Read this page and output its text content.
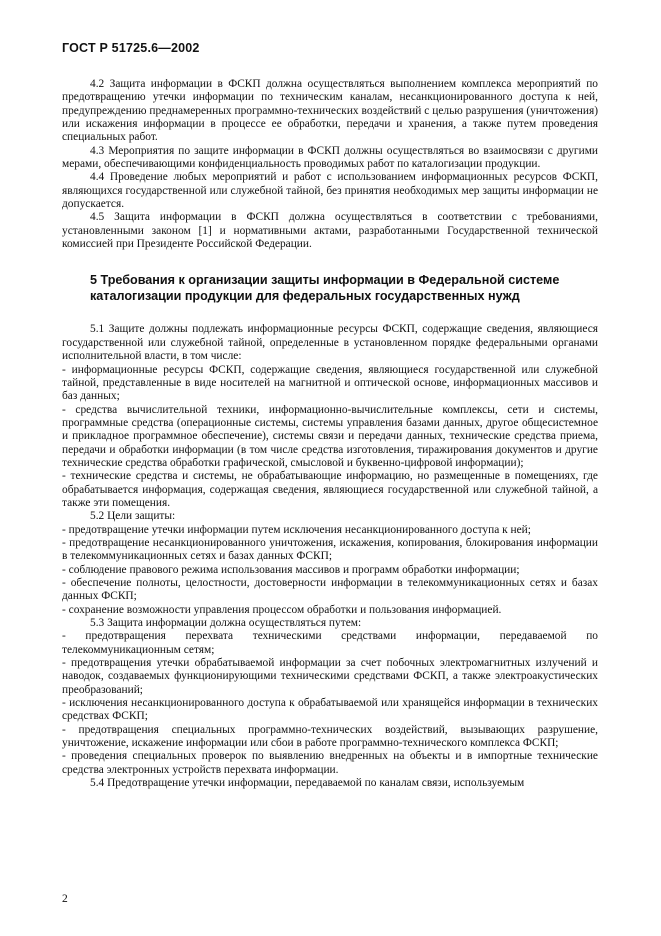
ГОСТ Р 51725.6—2002

4.2 Защита информации в ФСКП должна осуществляться выполнением комплекса мероприятий по предотвращению утечки информации по техническим каналам, несанкционированного доступа к ней, предупреждению преднамеренных программно-технических воздействий с целью разрушения (уничтожения) или искажения информации в процессе ее обработки, передачи и хранения, а также путем проведения специальных работ.

4.3 Мероприятия по защите информации в ФСКП должны осуществляться во взаимосвязи с другими мерами, обеспечивающими конфиденциальность проводимых работ по каталогизации продукции.

4.4 Проведение любых мероприятий и работ с использованием информационных ресурсов ФСКП, являющихся государственной или служебной тайной, без принятия необходимых мер защиты информации не допускается.

4.5 Защита информации в ФСКП должна осуществляться в соответствии с требованиями, установленными законом [1] и нормативными актами, разработанными Государственной технической комиссией при Президенте Российской Федерации.

5 Требования к организации защиты информации в Федеральной системе каталогизации продукции для федеральных государственных нужд

5.1 Защите должны подлежать информационные ресурсы ФСКП, содержащие сведения, являющиеся государственной или служебной тайной, определенные в установленном порядке федеральными органами исполнительной власти, в том числе:

- информационные ресурсы ФСКП, содержащие сведения, являющиеся государственной или служебной тайной, представленные в виде носителей на магнитной и оптической основе, информационных массивов и баз данных;

- средства вычислительной техники, информационно-вычислительные комплексы, сети и системы, программные средства (операционные системы, системы управления базами данных, другое общесистемное и прикладное программное обеспечение), системы связи и передачи данных, технические средства приема, передачи и обработки информации (в том числе средства изготовления, тиражирования документов и другие технические средства обработки графической, смысловой и буквенно-цифровой информации);

- технические средства и системы, не обрабатывающие информацию, но размещенные в помещениях, где обрабатывается информация, содержащая сведения, являющиеся государственной или служебной тайной, а также эти помещения.

5.2 Цели защиты:

- предотвращение утечки информации путем исключения несанкционированного доступа к ней;

- предотвращение несанкционированного уничтожения, искажения, копирования, блокирования информации в телекоммуникационных сетях и базах данных ФСКП;

- соблюдение правового режима использования массивов и программ обработки информации;

- обеспечение полноты, целостности, достоверности информации в телекоммуникационных сетях и базах данных ФСКП;

- сохранение возможности управления процессом обработки и пользования информацией.

5.3 Защита информации должна осуществляться путем:

- предотвращения перехвата техническими средствами информации, передаваемой по телекоммуникационным сетям;

- предотвращения утечки обрабатываемой информации за счет побочных электромагнитных излучений и наводок, создаваемых функционирующими техническими средствами ФСКП, а также электроакустических преобразований;

- исключения несанкционированного доступа к обрабатываемой или хранящейся информации в технических средствах ФСКП;

- предотвращения специальных программно-технических воздействий, вызывающих разрушение, уничтожение, искажение информации или сбои в работе программно-технического комплекса ФСКП;

- проведения специальных проверок по выявлению внедренных на объекты и в импортные технические средства электронных устройств перехвата информации.

5.4 Предотвращение утечки информации, передаваемой по каналам связи, используемым

2
